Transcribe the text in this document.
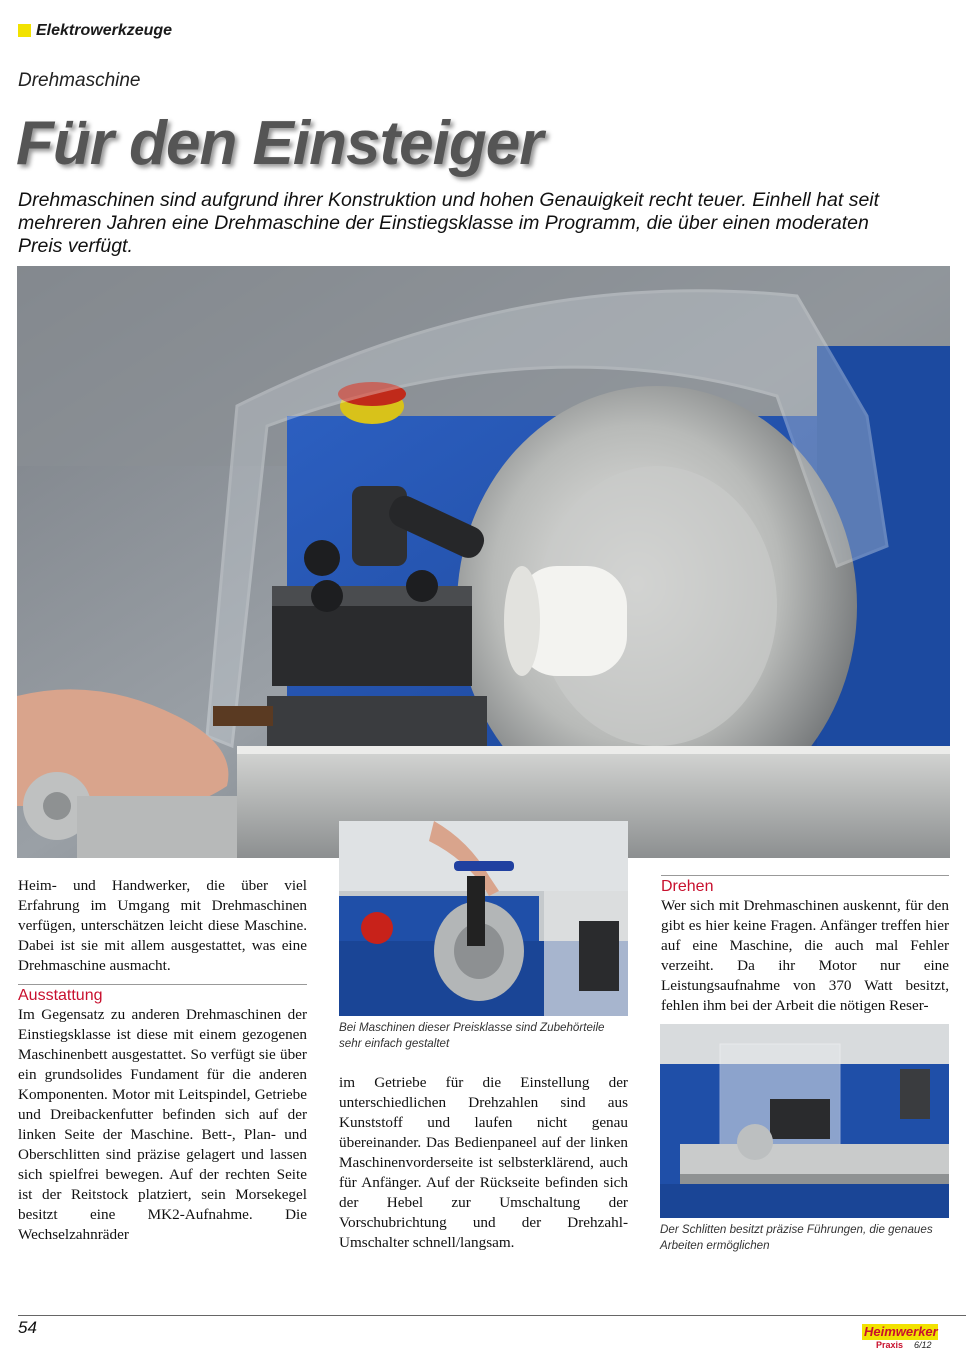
Elektrowerkzeuge
Drehmaschine
Für den Einsteiger
Drehmaschinen sind aufgrund ihrer Konstruktion und hohen Genauigkeit recht teuer. Einhell hat seit mehreren Jahren eine Drehmaschine der Einstiegsklasse im Programm, die über einen moderaten Preis verfügt.

Heim- und Handwerker, die über viel Erfahrung im Umgang mit Drehmaschinen verfügen, unterschätzen leicht diese Maschine. Dabei ist sie mit allem ausgestattet, was eine Drehmaschine ausmacht.

Ausstattung

Im Gegensatz zu anderen Drehmaschinen der Einstiegsklasse ist diese mit einem gezogenen Maschinenbett ausgestattet. So verfügt sie über ein grundsolides Fundament für die anderen Komponenten. Motor mit Leitspindel, Getriebe und Dreibackenfutter befinden sich auf der linken Seite der Maschine. Bett-, Plan- und Oberschlitten sind präzise gelagert und lassen sich spielfrei bewegen. Auf der rechten Seite ist der Reitstock platziert, sein Morsekegel besitzt eine MK2-Aufnahme. Die Wechselzahnräder

Bei Maschinen dieser Preisklasse sind Zubehörteile sehr einfach gestaltet

im Getriebe für die Einstellung der unterschiedlichen Drehzahlen sind aus Kunststoff und laufen nicht genau übereinander. Das Bedienpaneel auf der linken Maschinenvorderseite ist selbsterklärend, auch für Anfänger. Auf der Rückseite befinden sich der Hebel zur Umschaltung der Vorschubrichtung und der Drehzahl-Umschalter schnell/langsam.

Drehen

Wer sich mit Drehmaschinen auskennt, für den gibt es hier keine Fragen. Anfänger treffen hier auf eine Maschine, die auch mal Fehler verzeiht. Da ihr Motor nur eine Leistungsaufnahme von 370 Watt besitzt, fehlen ihm bei der Arbeit die nötigen Reser-

Der Schlitten besitzt präzise Führungen, die genaues Arbeiten ermöglichen
54	Heimwerker
Praxis 6/12
